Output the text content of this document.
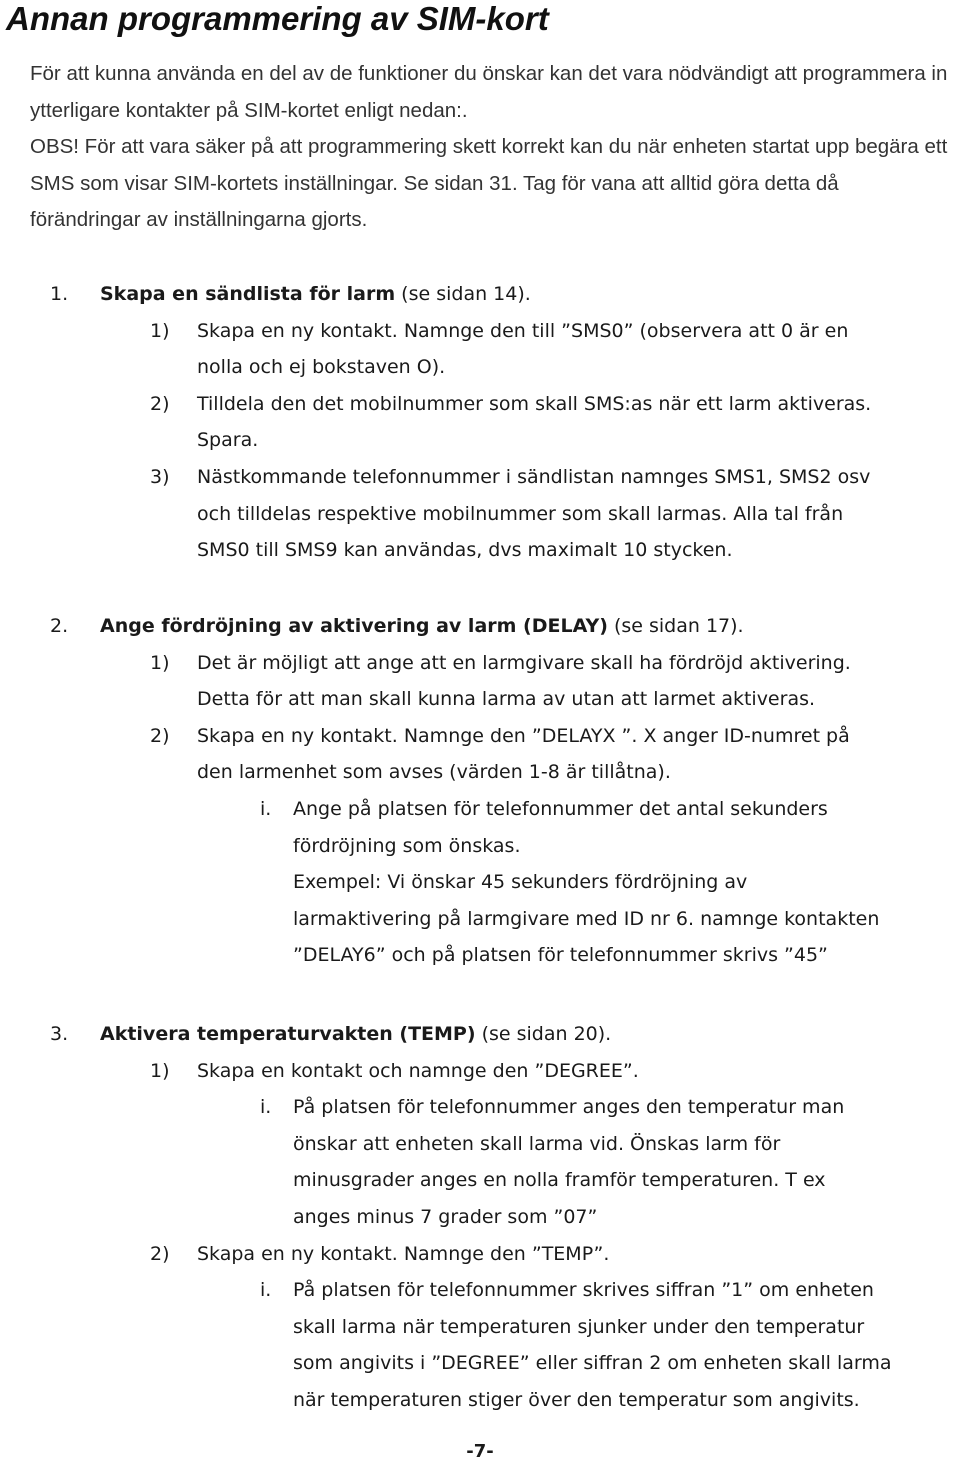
Annan programmering av SIM-kort

För att kunna använda en del av de funktioner du önskar kan det vara nödvändigt att programmera in ytterligare kontakter på SIM-kortet enligt nedan:.

OBS! För att vara säker på att programmering skett korrekt kan du när enheten startat upp begära ett SMS som visar SIM-kortets inställningar. Se sidan 31. Tag för vana att alltid göra detta då förändringar av inställningarna gjorts.

1. Skapa en sändlista för larm (se sidan 14).
1) Skapa en ny kontakt. Namnge den till ”SMS0” (observera att 0 är en
nolla och ej bokstaven O).
2) Tilldela den det mobilnummer som skall SMS:as när ett larm aktiveras.
Spara.
3) Nästkommande telefonnummer i sändlistan namnges SMS1, SMS2 osv
och tilldelas respektive mobilnummer som skall larmas. Alla tal från
SMS0 till SMS9 kan användas, dvs maximalt 10 stycken.
2. Ange fördröjning av aktivering av larm (DELAY) (se sidan 17).
1) Det är möjligt att ange att en larmgivare skall ha fördröjd aktivering.
Detta för att man skall kunna larma av utan att larmet aktiveras.
2) Skapa en ny kontakt. Namnge den ”DELAYX ”. X anger ID-numret på
den larmenhet som avses (värden 1-8 är tillåtna).
i. Ange på platsen för telefonnummer det antal sekunders
fördröjning som önskas.
Exempel: Vi önskar 45 sekunders fördröjning av
larmaktivering på larmgivare med ID nr 6. namnge kontakten
”DELAY6” och på platsen för telefonnummer skrivs ”45”
3. Aktivera temperaturvakten (TEMP) (se sidan 20).
1) Skapa en kontakt och namnge den ”DEGREE”.
i. På platsen för telefonnummer anges den temperatur man
önskar att enheten skall larma vid. Önskas larm för
minusgrader anges en nolla framför temperaturen. T ex
anges minus 7 grader som ”07”
2) Skapa en ny kontakt. Namnge den ”TEMP”.
i. På platsen för telefonnummer skrives siffran ”1” om enheten
skall larma när temperaturen sjunker under den temperatur
som angivits i ”DEGREE” eller siffran 2 om enheten skall larma
när temperaturen stiger över den temperatur som angivits.
-7-
